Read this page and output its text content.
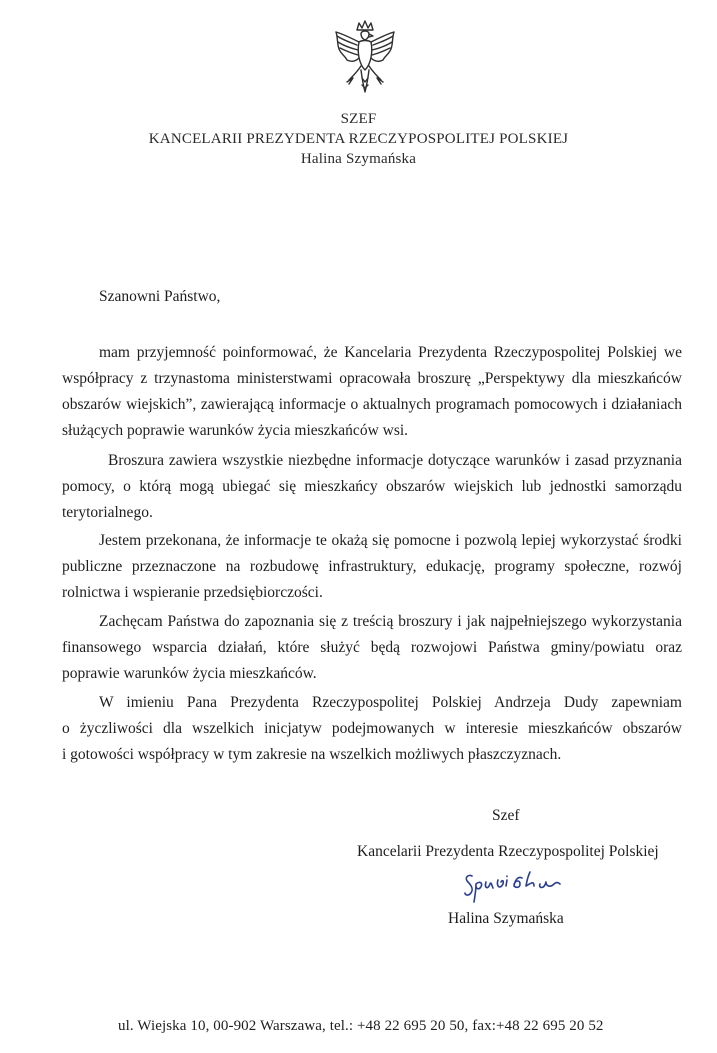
SZEF
KANCELARII PREZYDENTA RZECZYPOSPOLITEJ POLSKIEJ
Halina Szymańska
Szanowni Państwo,
mam przyjemność poinformować, że Kancelaria Prezydenta Rzeczypospolitej Polskiej we
współpracy z trzynastoma ministerstwami opracowała broszurę „Perspektywy dla mieszkańców
obszarów wiejskich”, zawierającą informacje o aktualnych programach pomocowych i działaniach
służących poprawie warunków życia mieszkańców wsi.
Broszura zawiera wszystkie niezbędne informacje dotyczące warunków i zasad przyznania
pomocy, o którą mogą ubiegać się mieszkańcy obszarów wiejskich lub jednostki samorządu
terytorialnego.
Jestem przekonana, że informacje te okażą się pomocne i pozwolą lepiej wykorzystać środki
publiczne przeznaczone na rozbudowę infrastruktury, edukację, programy społeczne, rozwój
rolnictwa i wspieranie przedsiębiorczości.
Zachęcam Państwa do zapoznania się z treścią broszury i jak najpełniejszego wykorzystania
finansowego wsparcia działań, które służyć będą rozwojowi Państwa gminy/powiatu oraz
poprawie warunków życia mieszkańców.
W imieniu Pana Prezydenta Rzeczypospolitej Polskiej Andrzeja Dudy zapewniam
o życzliwości dla wszelkich inicjatyw podejmowanych w interesie mieszkańców obszarów
i gotowości współpracy w tym zakresie na wszelkich możliwych płaszczyznach.
Szef
Kancelarii Prezydenta Rzeczypospolitej Polskiej
Halina Szymańska
ul. Wiejska 10, 00-902 Warszawa, tel.: +48 22 695 20 50, fax:+48 22 695 20 52
